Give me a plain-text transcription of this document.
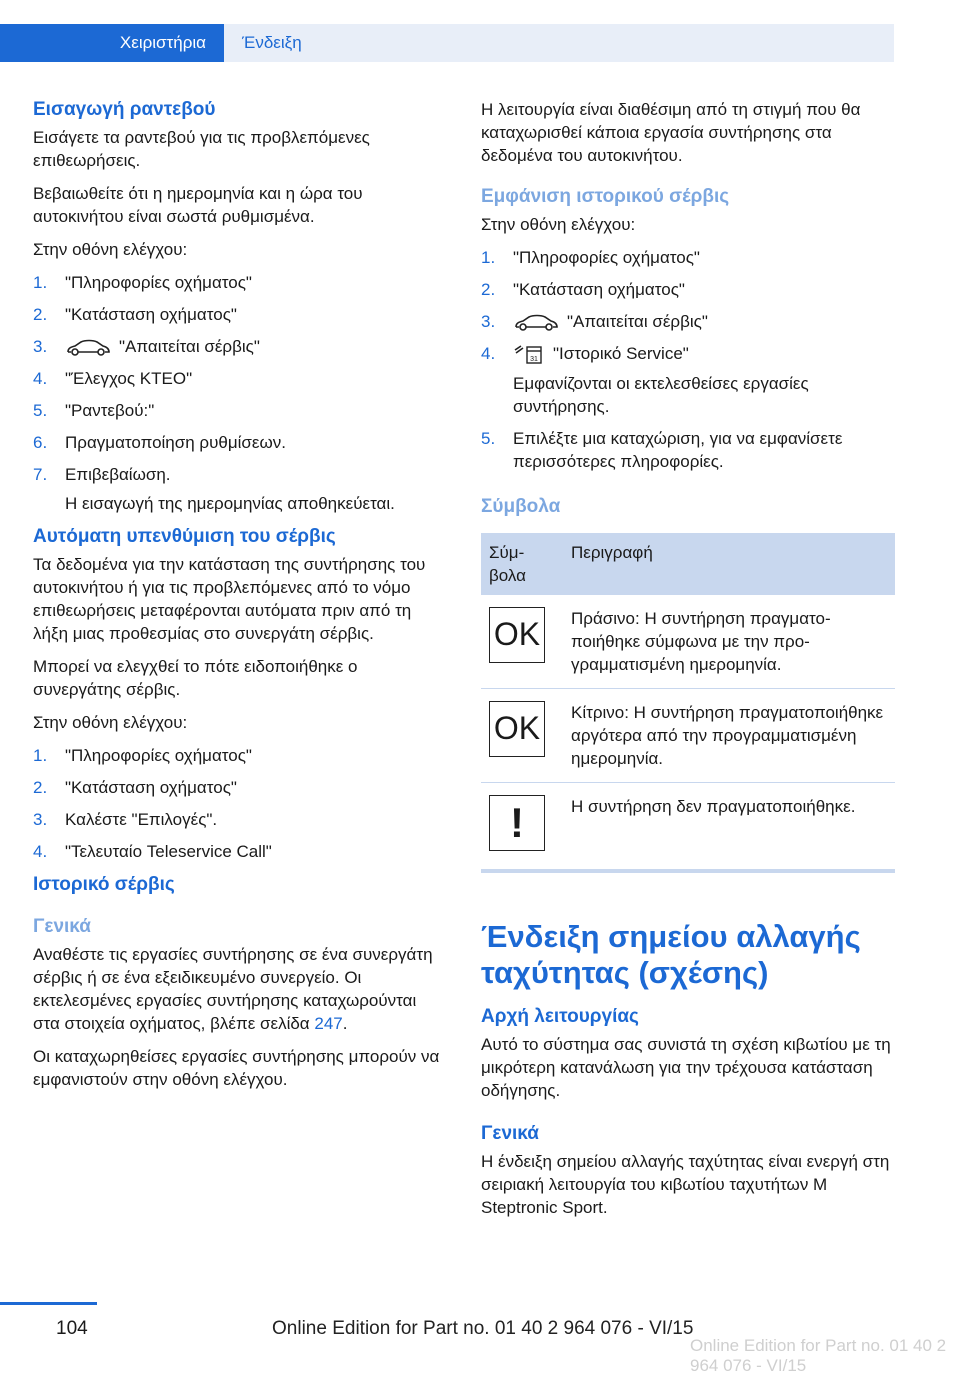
Χειριστήρια	Ένδειξη
Εισαγωγή ραντεβού

Εισάγετε τα ραντεβού για τις προβλεπόμενες επιθεωρήσεις.

Βεβαιωθείτε ότι η ημερομηνία και η ώρα του αυτοκινήτου είναι σωστά ρυθμισμένα.

Στην οθόνη ελέγχου:

1.	"Πληροφορίες οχήματος"
2.	"Κατάσταση οχήματος"
3.	"Απαιτείται σέρβις"
4.	"Έλεγχος ΚΤΕΟ"
5.	"Ραντεβού:"
6.	Πραγματοποίηση ρυθμίσεων.
7.	Επιβεβαίωση.
Η εισαγωγή της ημερομηνίας αποθηκεύεται.
Αυτόματη υπενθύμιση του σέρβις

Τα δεδομένα για την κατάσταση της συντήρησης του αυτοκινήτου ή για τις προβλεπόμενες από το νόμο επιθεωρήσεις μεταφέρονται αυτόματα πριν από τη λήξη μιας προθεσμίας στο συνεργάτη σέρβις.

Μπορεί να ελεγχθεί το πότε ειδοποιήθηκε ο συνεργάτης σέρβις.

Στην οθόνη ελέγχου:

1.	"Πληροφορίες οχήματος"
2.	"Κατάσταση οχήματος"
3.	Καλέστε "Επιλογές".
4.	"Τελευταίο Teleservice Call"
Ιστορικό σέρβις
Γενικά

Αναθέστε τις εργασίες συντήρησης σε ένα συνεργάτη σέρβις ή σε ένα εξειδικευμένο συνεργείο. Οι εκτελεσμένες εργασίες συντήρησης καταχωρούνται στα στοιχεία οχήματος, βλέπε σελίδα 247.

Οι καταχωρηθείσες εργασίες συντήρησης μπορούν να εμφανιστούν στην οθόνη ελέγχου.

Η λειτουργία είναι διαθέσιμη από τη στιγμή που θα καταχωρισθεί κάποια εργασία συντήρησης στα δεδομένα του αυτοκινήτου.

Εμφάνιση ιστορικού σέρβις

Στην οθόνη ελέγχου:

1.	"Πληροφορίες οχήματος"
2.	"Κατάσταση οχήματος"
3.	"Απαιτείται σέρβις"
4.	31 "Ιστορικό Service"
Εμφανίζονται οι εκτελεσθείσες εργασίες συντήρησης.
5.	Επιλέξτε μια καταχώριση, για να εμφανίσετε περισσότερες πληροφορίες.
Σύμβολα
Σύμβολα	Περιγραφή

OK	Πράσινο: Η συντήρηση πραγματοποιήθηκε σύμφωνα με την προγραμματισμένη ημερομηνία.

OK	Κίτρινο: Η συντήρηση πραγματοποιήθηκε αργότερα από την προγραμματισμένη ημερομηνία.

!	Η συντήρηση δεν πραγματοποιήθηκε.
Ένδειξη σημείου αλλαγής ταχύτητας (σχέσης)
Αρχή λειτουργίας

Αυτό το σύστημα σας συνιστά τη σχέση κιβωτίου με τη μικρότερη κατανάλωση για την τρέχουσα κατάσταση οδήγησης.

Γενικά

Η ένδειξη σημείου αλλαγής ταχύτητας είναι ενεργή στη σειριακή λειτουργία του κιβωτίου ταχυτήτων M Steptronic Sport.

104	Online Edition for Part no. 01 40 2 964 076 - VI/15
Online Edition for Part no. 01 40 2 964 076 - VI/15
